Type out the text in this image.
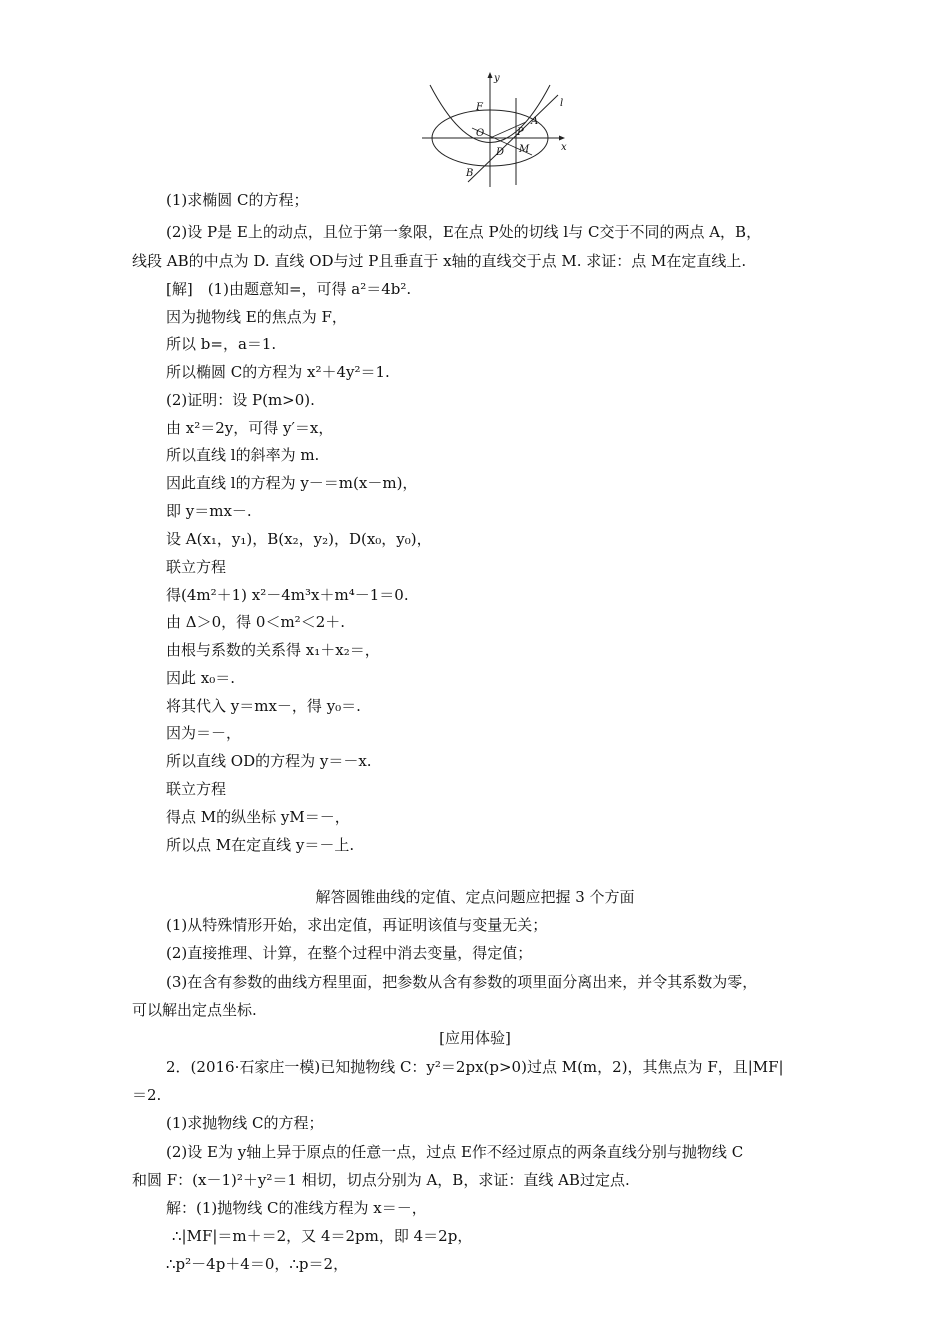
y
x
F
O
A
P
D M
B
l
(1)求椭圆 C的方程；
(2)设 P是 E上的动点，且位于第一象限，E在点 P处的切线 l与 C交于不同的两点 A，B，
线段 AB的中点为 D. 直线 OD与过 P且垂直于 x轴的直线交于点 M. 求证：点 M在定直线上.
[解]　(1)由题意知=，可得 a²＝4b².
因为抛物线 E的焦点为 F，
所以 b=，a＝1.
所以椭圆 C的方程为 x²＋4y²＝1.
(2)证明：设 P(m>0).
由 x²＝2y，可得 y′＝x，
所以直线 l的斜率为 m.
因此直线 l的方程为 y－＝m(x－m)，
即 y＝mx－.
设 A(x₁，y₁)，B(x₂，y₂)，D(x₀，y₀)，
联立方程
得(4m²＋1) x²－4m³x＋m⁴－1＝0.
由 Δ＞0，得 0＜m²＜2＋.
由根与系数的关系得 x₁＋x₂＝，
因此 x₀＝.
将其代入 y＝mx－，得 y₀＝.
因为＝－，
所以直线 OD的方程为 y＝－x.
联立方程
得点 M的纵坐标 yM＝－，
所以点 M在定直线 y＝－上.
解答圆锥曲线的定值、定点问题应把握 3 个方面
(1)从特殊情形开始，求出定值，再证明该值与变量无关；
(2)直接推理、计算，在整个过程中消去变量，得定值；
(3)在含有参数的曲线方程里面，把参数从含有参数的项里面分离出来，并令其系数为零，
可以解出定点坐标.
[应用体验]
2．(2016·石家庄一模)已知抛物线 C：y²＝2px(p>0)过点 M(m，2)，其焦点为 F，且|MF|
＝2.
(1)求抛物线 C的方程；
(2)设 E为 y轴上异于原点的任意一点，过点 E作不经过原点的两条直线分别与抛物线 C
和圆 F：(x－1)²＋y²＝1 相切，切点分别为 A，B，求证：直线 AB过定点.
解：(1)抛物线 C的准线方程为 x＝－，
∴|MF|＝m＋＝2，又 4＝2pm，即 4＝2p，
∴p²－4p＋4＝0，∴p＝2，
